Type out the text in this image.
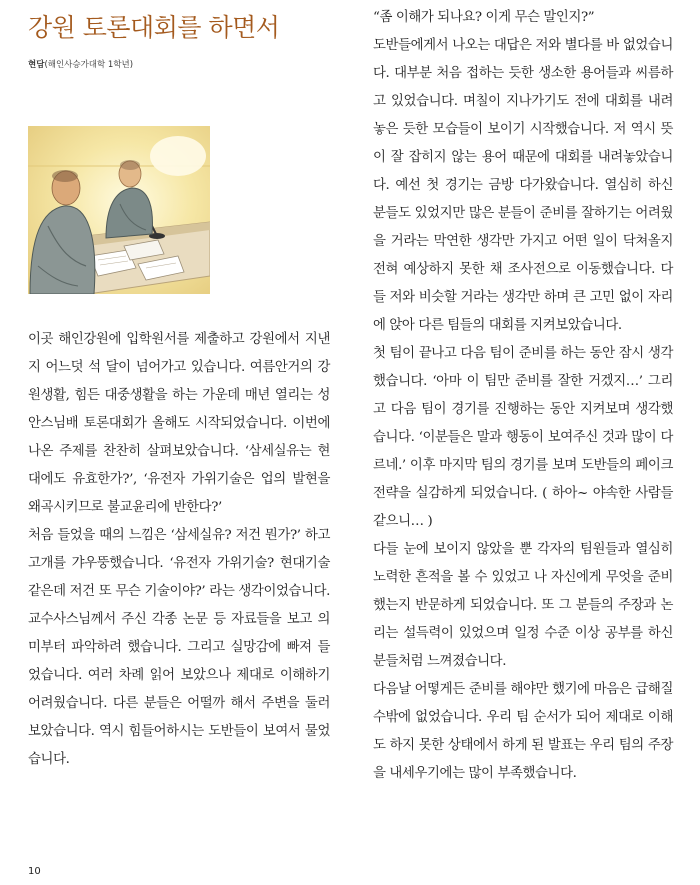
강원 토론대회를 하면서
현담(해인사승가대학 1학년)

이곳 해인강원에 입학원서를 제출하고 강원에서 지낸 지 어느덧 석 달이 넘어가고 있습니다. 여름안거의 강원생활, 힘든 대중생활을 하는 가운데 매년 열리는 성안스님배 토론대회가 올해도 시작되었습니다. 이번에 나온 주제를 찬찬히 살펴보았습니다. ‘삼세실유는 현대에도 유효한가?’, ‘유전자 가위기술은 업의 발현을 왜곡시키므로 불교윤리에 반한다?’

처음 들었을 때의 느낌은 ‘삼세실유? 저건 뭔가?’ 하고 고개를 갸우뚱했습니다. ‘유전자 가위기술? 현대기술 같은데 저건 또 무슨 기술이야?’ 라는 생각이었습니다. 교수사스님께서 주신 각종 논문 등 자료들을 보고 의미부터 파악하려 했습니다. 그리고 실망감에 빠져 들었습니다. 여러 차례 읽어 보았으나 제대로 이해하기 어려웠습니다. 다른 분들은 어떨까 해서 주변을 둘러보았습니다. 역시 힘들어하시는 도반들이 보여서 물었습니다.

“좀 이해가 되나요? 이게 무슨 말인지?”

도반들에게서 나오는 대답은 저와 별다를 바 없었습니다. 대부분 처음 접하는 듯한 생소한 용어들과 씨름하고 있었습니다. 며칠이 지나가기도 전에 대회를 내려놓은 듯한 모습들이 보이기 시작했습니다. 저 역시 뜻이 잘 잡히지 않는 용어 때문에 대회를 내려놓았습니다. 예선 첫 경기는 금방 다가왔습니다. 열심히 하신 분들도 있었지만 많은 분들이 준비를 잘하기는 어려웠을 거라는 막연한 생각만 가지고 어떤 일이 닥쳐올지 전혀 예상하지 못한 채 조사전으로 이동했습니다. 다들 저와 비슷할 거라는 생각만 하며 큰 고민 없이 자리에 앉아 다른 팀들의 대회를 지켜보았습니다.

첫 팀이 끝나고 다음 팀이 준비를 하는 동안 잠시 생각했습니다. ‘아마 이 팀만 준비를 잘한 거겠지…’ 그리고 다음 팀이 경기를 진행하는 동안 지켜보며 생각했습니다. ‘이분들은 말과 행동이 보여주신 것과 많이 다르네.’ 이후 마지막 팀의 경기를 보며 도반들의 페이크 전략을 실감하게 되었습니다. ( 하아~ 야속한 사람들 같으니… )

다들 눈에 보이지 않았을 뿐 각자의 팀원들과 열심히 노력한 흔적을 볼 수 있었고 나 자신에게 무엇을 준비했는지 반문하게 되었습니다. 또 그 분들의 주장과 논리는 설득력이 있었으며 일정 수준 이상 공부를 하신 분들처럼 느껴졌습니다.

다음날 어떻게든 준비를 해야만 했기에 마음은 급해질 수밖에 없었습니다. 우리 팀 순서가 되어 제대로 이해도 하지 못한 상태에서 하게 된 발표는 우리 팀의 주장을 내세우기에는 많이 부족했습니다.

10
